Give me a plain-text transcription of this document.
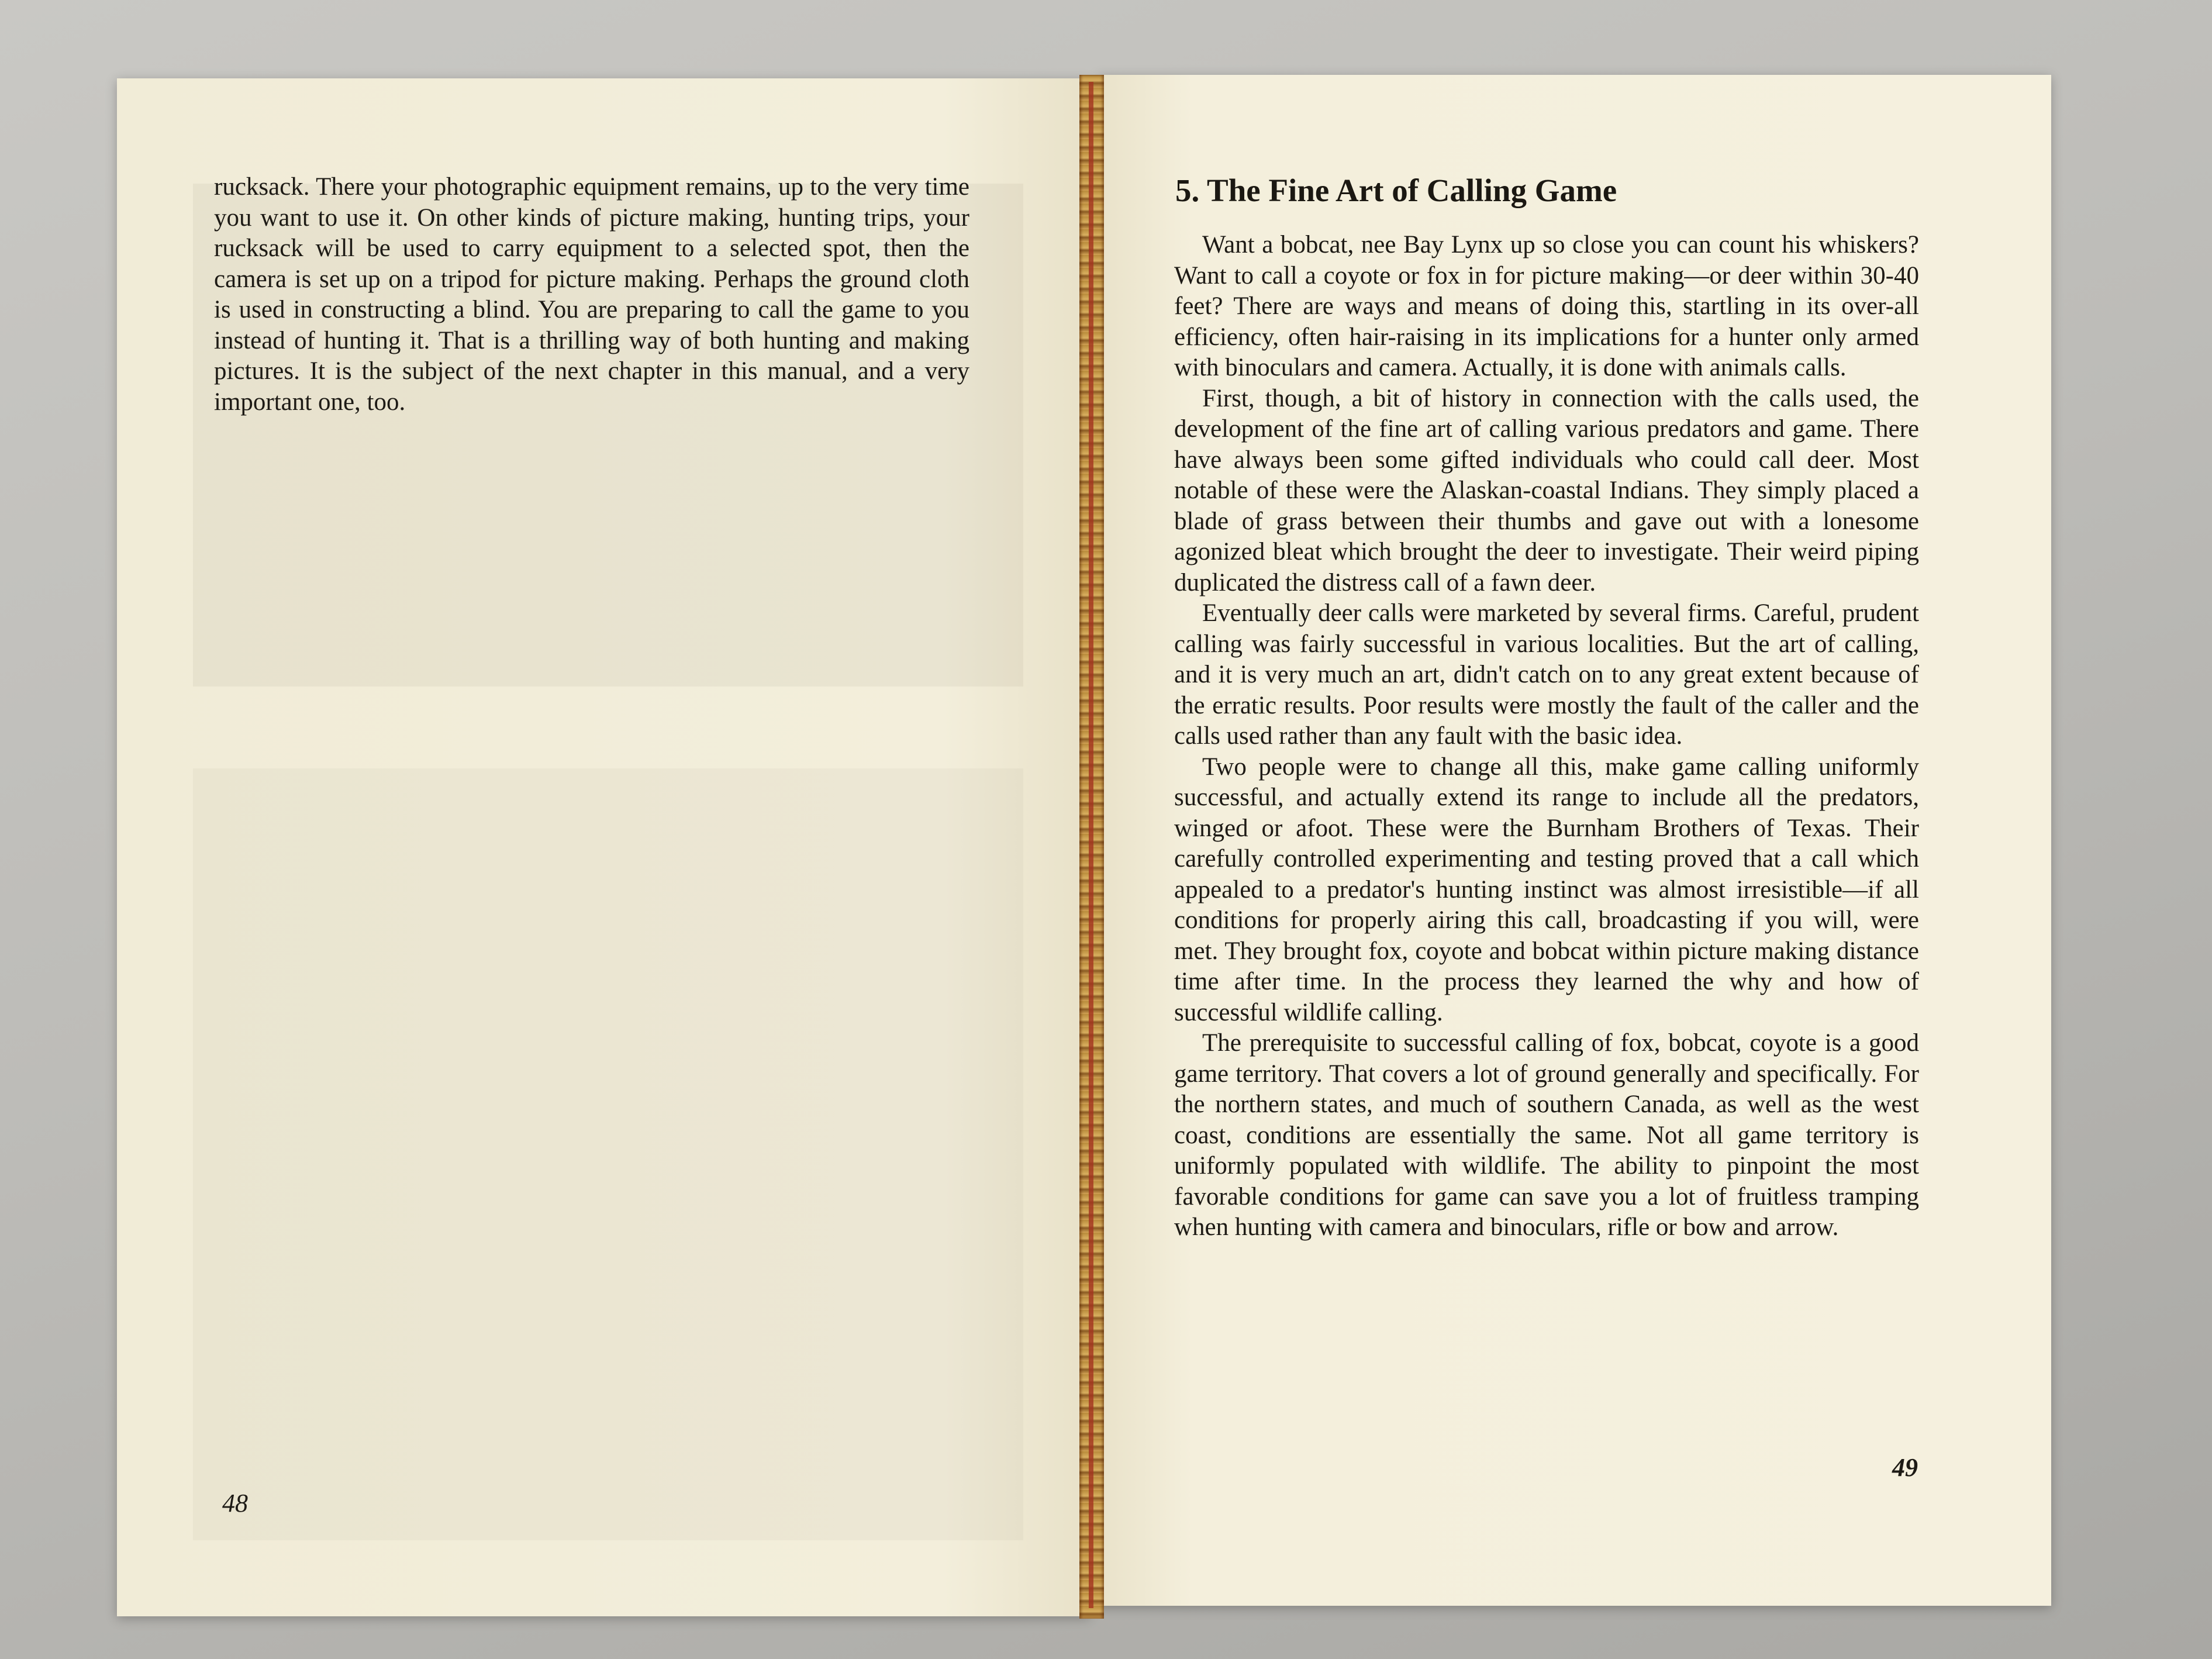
rucksack. There your photographic equipment remains, up to the very time you want to use it. On other kinds of picture making, hunting trips, your rucksack will be used to carry equipment to a selected spot, then the camera is set up on a tripod for picture making. Perhaps the ground cloth is used in constructing a blind. You are preparing to call the game to you instead of hunting it. That is a thrilling way of both hunting and making pictures. It is the subject of the next chapter in this manual, and a very important one, too.

48
5. The Fine Art of Calling Game

Want a bobcat, nee Bay Lynx up so close you can count his whiskers? Want to call a coyote or fox in for picture making—or deer within 30-40 feet? There are ways and means of doing this, startling in its over-all efficiency, often hair-raising in its implications for a hunter only armed with binoculars and camera. Actually, it is done with animals calls.

First, though, a bit of history in connection with the calls used, the development of the fine art of calling various predators and game. There have always been some gifted individuals who could call deer. Most notable of these were the Alaskan-coastal Indians. They simply placed a blade of grass between their thumbs and gave out with a lonesome agonized bleat which brought the deer to investigate. Their weird piping duplicated the distress call of a fawn deer.

Eventually deer calls were marketed by several firms. Careful, prudent calling was fairly successful in various localities. But the art of calling, and it is very much an art, didn't catch on to any great extent because of the erratic results. Poor results were mostly the fault of the caller and the calls used rather than any fault with the basic idea.

Two people were to change all this, make game calling uniformly successful, and actually extend its range to include all the predators, winged or afoot. These were the Burnham Brothers of Texas. Their carefully controlled experimenting and testing proved that a call which appealed to a predator's hunting instinct was almost irresistible—if all conditions for properly airing this call, broadcasting if you will, were met. They brought fox, coyote and bobcat within picture making distance time after time. In the process they learned the why and how of successful wildlife calling.

The prerequisite to successful calling of fox, bobcat, coyote is a good game territory. That covers a lot of ground generally and specifically. For the northern states, and much of southern Canada, as well as the west coast, conditions are essentially the same. Not all game territory is uniformly populated with wildlife. The ability to pinpoint the most favorable conditions for game can save you a lot of fruitless tramping when hunting with camera and binoculars, rifle or bow and arrow.

49
